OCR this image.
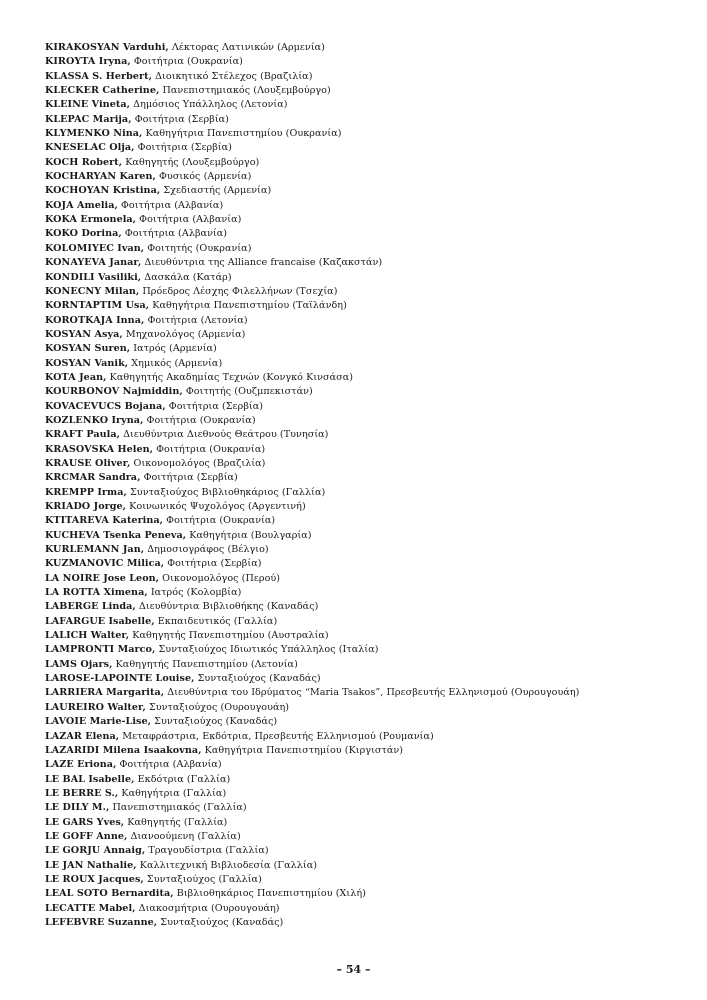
KIRAKOSYAN Varduhi, Λέκτορας Λατινικών (Αρμενία)
KIROYTA Iryna, Φοιτήτρια (Ουκρανία)
KLASSA S. Herbert, Διοικητικό Στέλεχος (Βραζιλία)
KLECKER Catherine, Πανεπιστημιακός (Λουξεμβούργο)
KLEINE Vineta, Δημόσιος Υπάλληλος (Λετονία)
KLEPAC Marija, Φοιτήτρια (Σερβία)
KLYMENKO Nina, Καθηγήτρια Πανεπιστημίου (Ουκρανία)
KNESELAC Olja, Φοιτήτρια (Σερβία)
KOCH Robert, Καθηγητής (Λουξεμβούργο)
KOCHARYAN Karen, Φυσικός (Αρμενία)
KOCHOYAN Kristina, Σχεδιαστής (Αρμενία)
KOJA Amelia, Φοιτήτρια (Αλβανία)
KOKA Ermonela, Φοιτήτρια (Αλβανία)
KOKO Dorina, Φοιτήτρια (Αλβανία)
KOLOMIYEC Ivan, Φοιτητής (Ουκρανία)
KONAYEVA Janar, Διευθύντρια της Alliance francaise (Καζακστάν)
KONDILI Vasiliki, Δασκάλα (Κατάρ)
KONECNY Milan, Πρόεδρος Λέσχης Φιλελλήνων (Τσεχία)
KORNTAPTIM Usa, Καθηγήτρια Πανεπιστημίου (Ταϊλάνδη)
KOROTKAJA Inna, Φοιτήτρια (Λετονία)
KOSYAN Asya, Μηχανολόγος (Αρμενία)
KOSYAN Suren, Ιατρός (Αρμενία)
KOSYAN Vanik, Χημικός (Αρμενία)
KOTA Jean, Καθηγητής Ακαδημίας Τεχνών (Κονγκό Κινσάσα)
KOURBONOV Najmiddin, Φοιτητής (Ουζμπεκιστάν)
KOVACEVUCS Bojana, Φοιτήτρια (Σερβία)
KOZLENKO Iryna, Φοιτήτρια (Ουκρανία)
KRAFT Paula, Διευθύντρια Διεθνούς Θεάτρου (Τυνησία)
KRASOVSKA Helen, Φοιτήτρια (Ουκρανία)
KRAUSE Oliver, Οικονομολόγος (Βραζιλία)
KRCMAR Sandra, Φοιτήτρια (Σερβία)
KREMPP Irma, Συνταξιούχος Βιβλιοθηκάριος (Γαλλία)
KRIADO Jorge, Κοινωνικός Ψυχολόγος (Αργεντινή)
KTITAREVA Katerina, Φοιτήτρια (Ουκρανία)
KUCHEVA Tsenka Peneva, Καθηγήτρια (Βουλγαρία)
KURLEMANN Jan, Δημοσιογράφος (Βέλγιο)
KUZMANOVIC Milica, Φοιτήτρια (Σερβία)
LA NOIRE Jose Leon, Οικονομολόγος (Περού)
LA ROTTA Ximena, Ιατρός (Κολομβία)
LABERGE Linda, Διευθύντρια Βιβλιοθήκης (Καναδάς)
LAFARGUE Isabelle, Εκπαιδευτικός (Γαλλία)
LALICH Walter, Καθηγητής Πανεπιστημίου (Αυστραλία)
LAMPRONTI Marco, Συνταξιούχος Ιδιωτικός Υπάλληλος (Ιταλία)
LAMS Ojars, Καθηγητής Πανεπιστημίου (Λετονία)
LAROSE-LAPOINTE Louise, Συνταξιούχος (Καναδάς)
LARRIERA Margarita, Διευθύντρια του Ιδρύματος “Maria Tsakos”, Πρεσβευτής Ελληνισμού (Ουρουγουάη)
LAUREIRO Walter, Συνταξιούχος (Ουρουγουάη)
LAVOIE Marie-Lise, Συνταξιούχος (Καναδάς)
LAZAR Elena, Μεταφράστρια, Εκδότρια, Πρεσβευτής Ελληνισμού (Ρουμανία)
LAZARIDI Milena Isaakovna, Καθηγήτρια Πανεπιστημίου (Κιργιστάν)
LAZE Eriona, Φοιτήτρια (Αλβανία)
LE BAL Isabelle, Εκδότρια (Γαλλία)
LE BERRE S., Καθηγήτρια (Γαλλία)
LE DILY M., Πανεπιστημιακός (Γαλλία)
LE GARS Yves, Καθηγητής (Γαλλία)
LE GOFF Anne, Διανοούμενη (Γαλλία)
LE GORJU Annaig, Τραγουδίστρια (Γαλλία)
LE JAN Nathalie, Καλλιτεχνική Βιβλιοδεσία (Γαλλία)
LE ROUX Jacques, Συνταξιούχος (Γαλλία)
LEAL SOTO Bernardita, Βιβλιοθηκάριος Πανεπιστημίου (Χιλή)
LECATTE Mabel, Διακοσμήτρια (Ουρουγουάη)
LEFEBVRE Suzanne, Συνταξιούχος (Καναδάς)
– 54 –
